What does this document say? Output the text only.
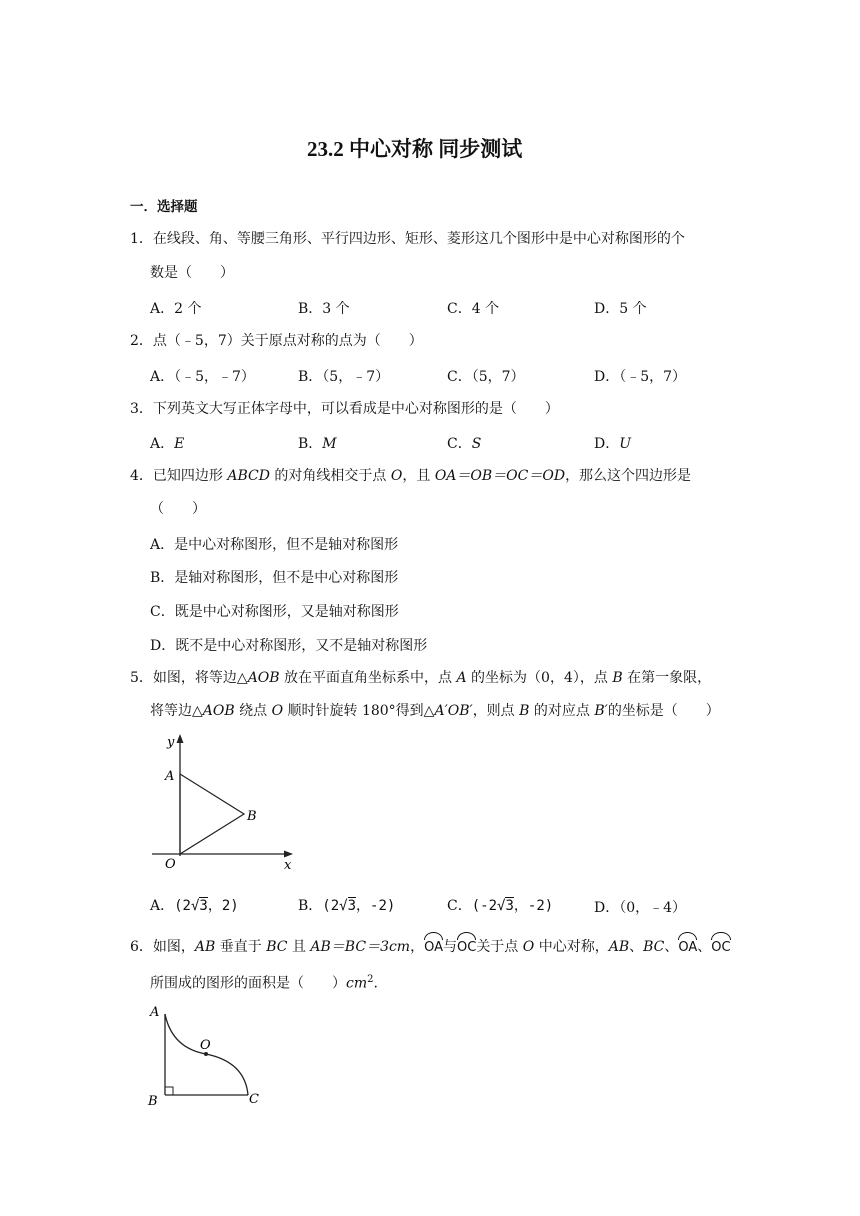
23.2 中心对称 同步测试
一．选择题
1．在线段、角、等腰三角形、平行四边形、矩形、菱形这几个图形中是中心对称图形的个
数是（　　）
A．2 个	B．3 个	C．4 个	D．5 个
2．点（﹣5，7）关于原点对称的点为（　　）
A．（﹣5，﹣7）	B．（5，﹣7）	C．（5，7）	D．（﹣5，7）
3．下列英文大写正体字母中，可以看成是中心对称图形的是（　　）
A．E	B．M	C．S	D．U
4．已知四边形 ABCD 的对角线相交于点 O，且 OA＝OB＝OC＝OD，那么这个四边形是
（　　）
A．是中心对称图形，但不是轴对称图形
B．是轴对称图形，但不是中心对称图形
C．既是中心对称图形，又是轴对称图形
D．既不是中心对称图形，又不是轴对称图形
5．如图，将等边△AOB 放在平面直角坐标系中，点 A 的坐标为（0，4），点 B 在第一象限，
将等边△AOB 绕点 O 顺时针旋转 180°得到△A′OB′，则点 B 的对应点 B′的坐标是（　　）
y
A
B
O	x
A．(2√3，2)	B．(2√3，-2)	C．(-2√3，-2)	D．（0，﹣4）
6．如图，AB 垂直于 BC 且 AB＝BC＝3cm，OA与OC关于点 O 中心对称，AB、BC、OA、OC
所围成的图形的面积是（　　）$cm^2$.
A
O
B	C
